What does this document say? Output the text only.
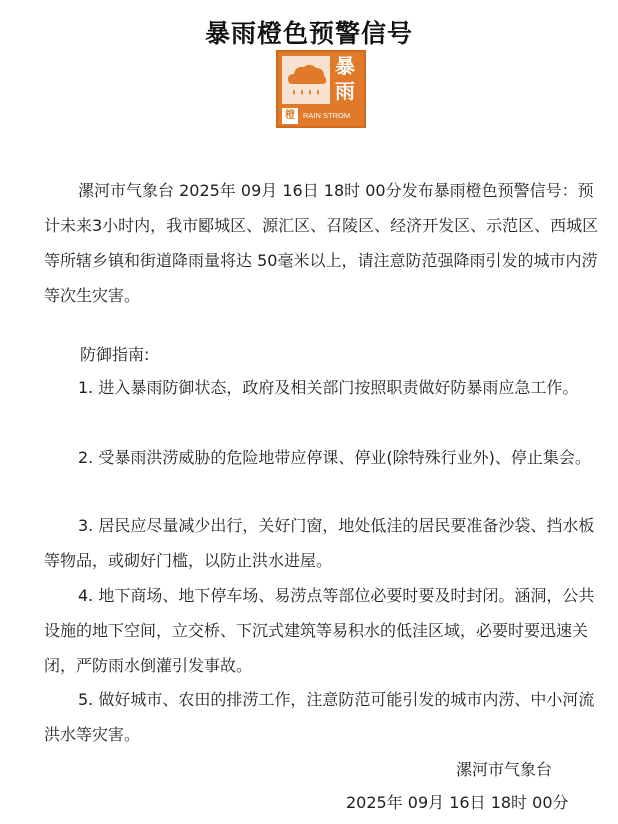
暴雨橙色预警信号
暴
雨
橙	RAIN STROM

漯河市气象台 2025年 09月 16日 18时 00分发布暴雨橙色预警信号：预计未来3小时内，我市郾城区、源汇区、召陵区、经济开发区、示范区、西城区等所辖乡镇和街道降雨量将达 50毫米以上，请注意防范强降雨引发的城市内涝等次生灾害。

防御指南:

1. 进入暴雨防御状态，政府及相关部门按照职责做好防暴雨应急工作。

2. 受暴雨洪涝威胁的危险地带应停课、停业(除特殊行业外)、停止集会。

3. 居民应尽量减少出行，关好门窗，地处低洼的居民要准备沙袋、挡水板等物品，或砌好门槛，以防止洪水进屋。

4. 地下商场、地下停车场、易涝点等部位必要时要及时封闭。涵洞，公共设施的地下空间，立交桥、下沉式建筑等易积水的低洼区域，必要时要迅速关闭，严防雨水倒灌引发事故。

5. 做好城市、农田的排涝工作，注意防范可能引发的城市内涝、中小河流洪水等灾害。

漯河市气象台
2025年 09月 16日 18时 00分
